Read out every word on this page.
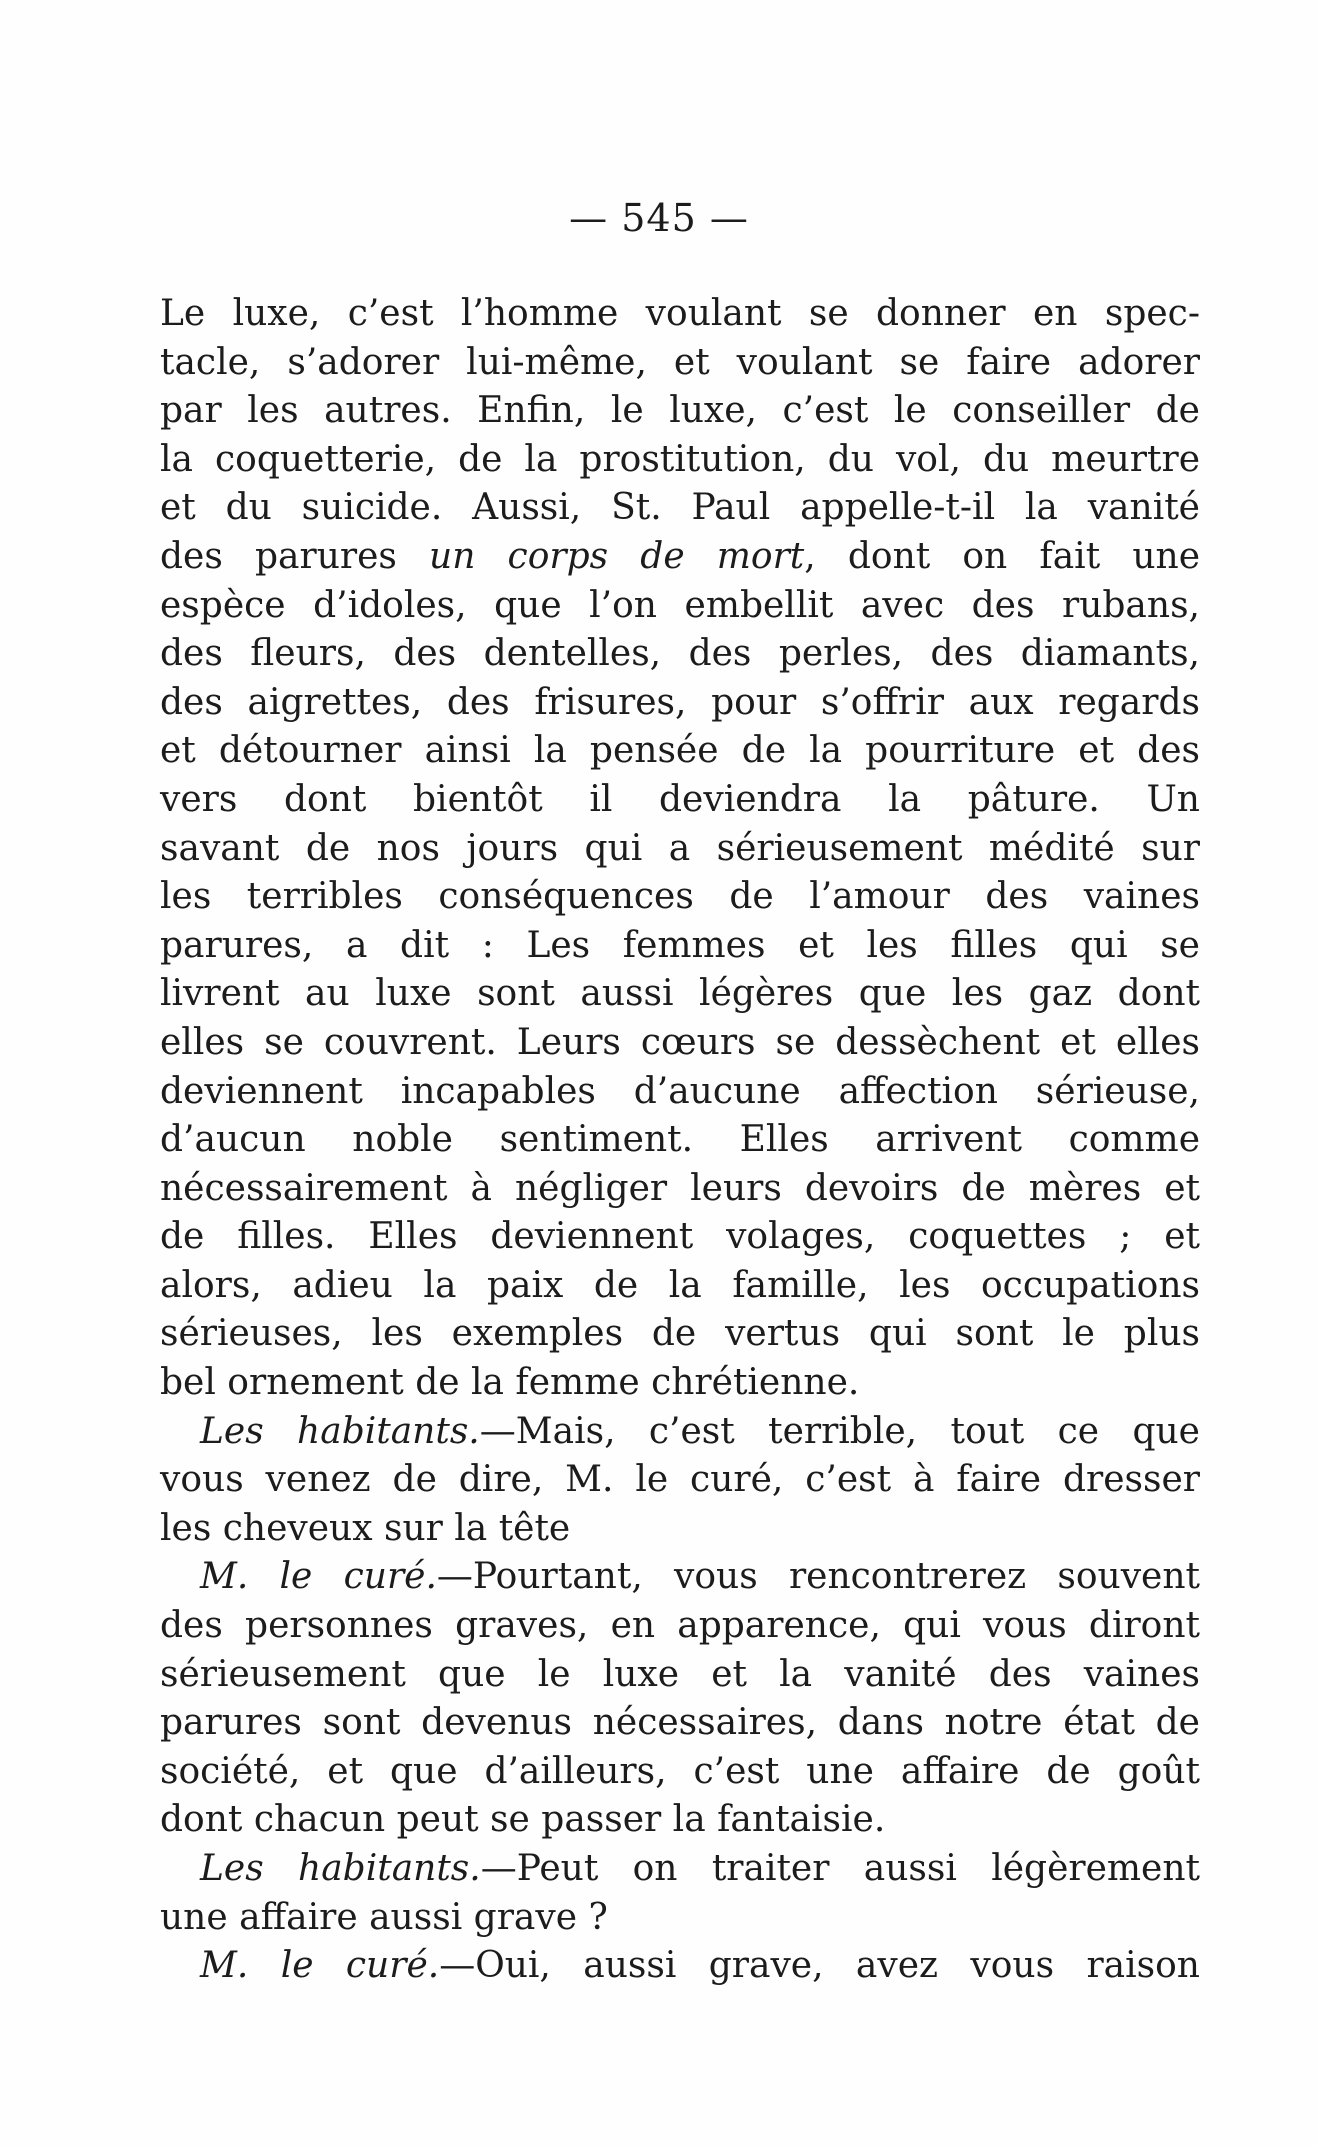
— 545 —
Le luxe, c’est l’homme voulant se donner en spec-
tacle, s’adorer lui-même, et voulant se faire adorer
par les autres. Enfin, le luxe, c’est le conseiller de
la coquetterie, de la prostitution, du vol, du meurtre
et du suicide. Aussi, St. Paul appelle-t-il la vanité
des parures un corps de mort, dont on fait une
espèce d’idoles, que l’on embellit avec des rubans,
des fleurs, des dentelles, des perles, des diamants,
des aigrettes, des frisures, pour s’offrir aux regards
et détourner ainsi la pensée de la pourriture et des
vers dont bientôt il deviendra la pâture. Un
savant de nos jours qui a sérieusement médité sur
les terribles conséquences de l’amour des vaines
parures, a dit : Les femmes et les filles qui se
livrent au luxe sont aussi légères que les gaz dont
elles se couvrent. Leurs cœurs se dessèchent et elles
deviennent incapables d’aucune affection sérieuse,
d’aucun noble sentiment. Elles arrivent comme
nécessairement à négliger leurs devoirs de mères et
de filles. Elles deviennent volages, coquettes ; et
alors, adieu la paix de la famille, les occupations
sérieuses, les exemples de vertus qui sont le plus
bel ornement de la femme chrétienne.
Les habitants.—Mais, c’est terrible, tout ce que
vous venez de dire, M. le curé, c’est à faire dresser
les cheveux sur la tête
M. le curé.—Pourtant, vous rencontrerez souvent
des personnes graves, en apparence, qui vous diront
sérieusement que le luxe et la vanité des vaines
parures sont devenus nécessaires, dans notre état de
société, et que d’ailleurs, c’est une affaire de goût
dont chacun peut se passer la fantaisie.
Les habitants.—Peut on traiter aussi légèrement
une affaire aussi grave ?
M. le curé.—Oui, aussi grave, avez vous raison
